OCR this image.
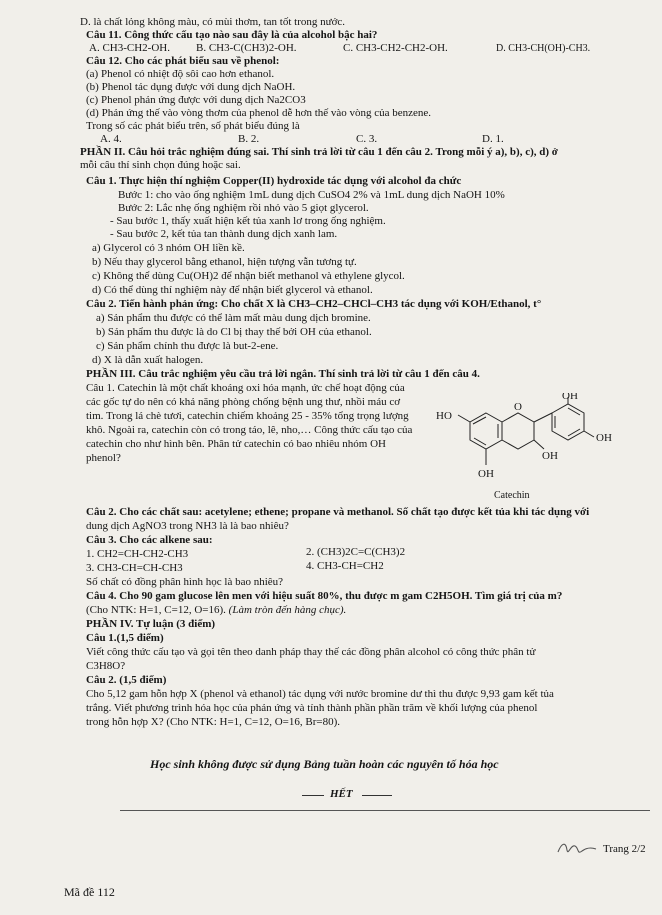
D. là chất lỏng không màu, có mùi thơm, tan tốt trong nước.
Câu 11. Công thức cấu tạo nào sau đây là của alcohol bậc hai?
A. CH3-CH2-OH. B. CH3-C(CH3)2-OH.	C. CH3-CH2-CH2-OH.	D. CH3-CH(OH)-CH3.
Câu 12. Cho các phát biểu sau về phenol:
(a) Phenol có nhiệt độ sôi cao hơn ethanol.
(b) Phenol tác dụng được với dung dịch NaOH.
(c) Phenol phản ứng được với dung dịch Na2CO3
(d) Phản ứng thế vào vòng thơm của phenol dễ hơn thế vào vòng của benzene.
Trong số các phát biểu trên, số phát biểu đúng là
A. 4.	B. 2.	C. 3.	D. 1.
PHẦN II. Câu hỏi trắc nghiệm đúng sai. Thí sinh trả lời từ câu 1 đến câu 2. Trong mỗi ý a), b), c), d) ở
mỗi câu thí sinh chọn đúng hoặc sai.
Câu 1. Thực hiện thí nghiệm Copper(II) hydroxide tác dụng với alcohol đa chức
Bước 1: cho vào ống nghiệm 1mL dung dịch CuSO4 2% và 1mL dung dịch NaOH 10%
Bước 2: Lắc nhẹ ống nghiệm rồi nhỏ vào 5 giọt glycerol.
- Sau bước 1, thấy xuất hiện kết tủa xanh lơ trong ống nghiệm.
- Sau bước 2, kết tủa tan thành dung dịch xanh lam.
a) Glycerol có 3 nhóm OH liền kề.
b) Nếu thay glycerol bằng ethanol, hiện tượng vẫn tương tự.
c) Không thể dùng Cu(OH)2 để nhận biết methanol và ethylene glycol.
d) Có thể dùng thí nghiệm này để nhận biết glycerol và ethanol.
Câu 2. Tiến hành phản ứng: Cho chất X là CH3–CH2–CHCl–CH3 tác dụng với KOH/Ethanol, t°
a) Sản phẩm thu được có thể làm mất màu dung dịch bromine.
b) Sản phẩm thu được là do Cl bị thay thế bởi OH của ethanol.
c) Sản phẩm chính thu được là but-2-ene.
d) X là dẫn xuất halogen.
PHẦN III. Câu trắc nghiệm yêu cầu trả lời ngắn. Thí sinh trả lời từ câu 1 đến câu 4.
Câu 1. Catechin là một chất khoáng oxi hóa mạnh, ức chế hoạt động của
các gốc tự do nên có khả năng phòng chống bệnh ung thư, nhồi máu cơ
tim. Trong lá chè tươi, catechin chiếm khoảng 25 - 35% tổng trọng lượng
khô. Ngoài ra, catechin còn có trong táo, lê, nho,… Công thức cấu tạo của
catechin cho như hình bên. Phân tử catechin có bao nhiêu nhóm OH
phenol?
OH
OH
HO
O
OH
OH
Catechin
Câu 2. Cho các chất sau: acetylene; ethene; propane và methanol. Số chất tạo được kết tủa khi tác dụng với
dung dịch AgNO3 trong NH3 là là bao nhiêu?
Câu 3. Cho các alkene sau:
1. CH2=CH-CH2-CH3	2. (CH3)2C=C(CH3)2
3. CH3-CH=CH-CH3	4. CH3-CH=CH2
Số chất có đồng phân hình học là bao nhiêu?
Câu 4. Cho 90 gam glucose lên men với hiệu suất 80%, thu được m gam C2H5OH. Tìm giá trị của m?
(Cho NTK: H=1, C=12, O=16). (Làm tròn đến hàng chục).
PHẦN IV. Tự luận (3 điểm)
Câu 1.(1,5 điểm)
Viết công thức cấu tạo và gọi tên theo danh pháp thay thế các đồng phân alcohol có công thức phân tử
C3H8O?
Câu 2. (1,5 điểm)
Cho 5,12 gam hỗn hợp X (phenol và ethanol) tác dụng với nước bromine dư thì thu được 9,93 gam kết tủa
trắng. Viết phương trình hóa học của phản ứng và tính thành phần phần trăm về khối lượng của phenol
trong hỗn hợp X? (Cho NTK: H=1, C=12, O=16, Br=80).
Học sinh không được sử dụng Bảng tuần hoàn các nguyên tố hóa học
HẾT
Trang 2/2
Mã đề 112
